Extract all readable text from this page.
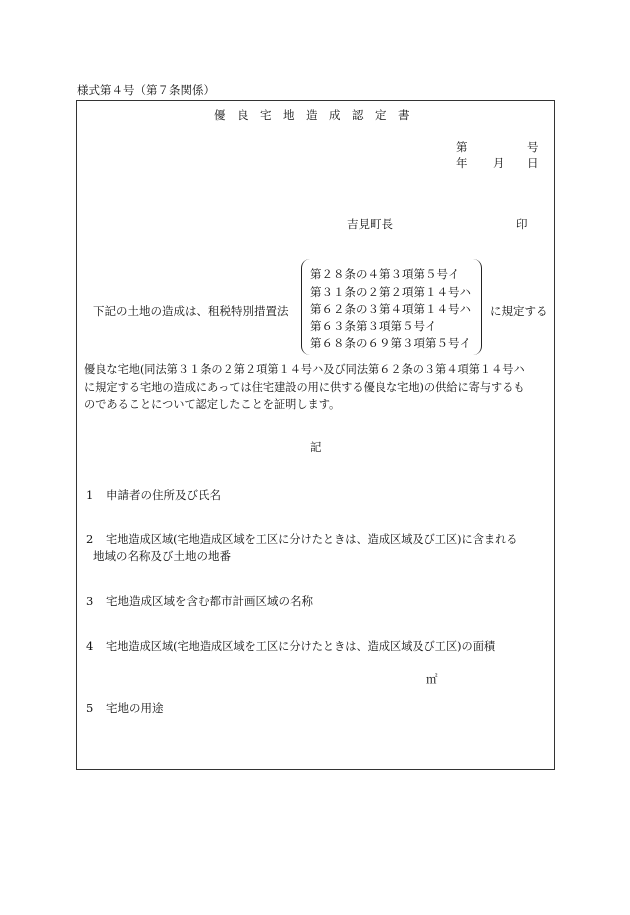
様式第４号（第７条関係）
優　良　宅　地　造　成　認　定　書
第	号
年 月 日
吉見町長	印
下記の土地の造成は、租税特別措置法
第２８条の４第３項第５号イ
第３１条の２第２項第１４号ハ
第６２条の３第４項第１４号ハ
第６３条第３項第５号イ
第６８条の６９第３項第５号イ
に規定する
優良な宅地(同法第３１条の２第２項第１４号ハ及び同法第６２条の３第４項第１４号ハ
に規定する宅地の造成にあっては住宅建設の用に供する優良な宅地)の供給に寄与するも
のであることについて認定したことを証明します。
記
1 申請者の住所及び氏名
2 宅地造成区域(宅地造成区域を工区に分けたときは、造成区域及び工区)に含まれる
地域の名称及び土地の地番
3 宅地造成区域を含む都市計画区域の名称
4 宅地造成区域(宅地造成区域を工区に分けたときは、造成区域及び工区)の面積
㎡
5 宅地の用途
